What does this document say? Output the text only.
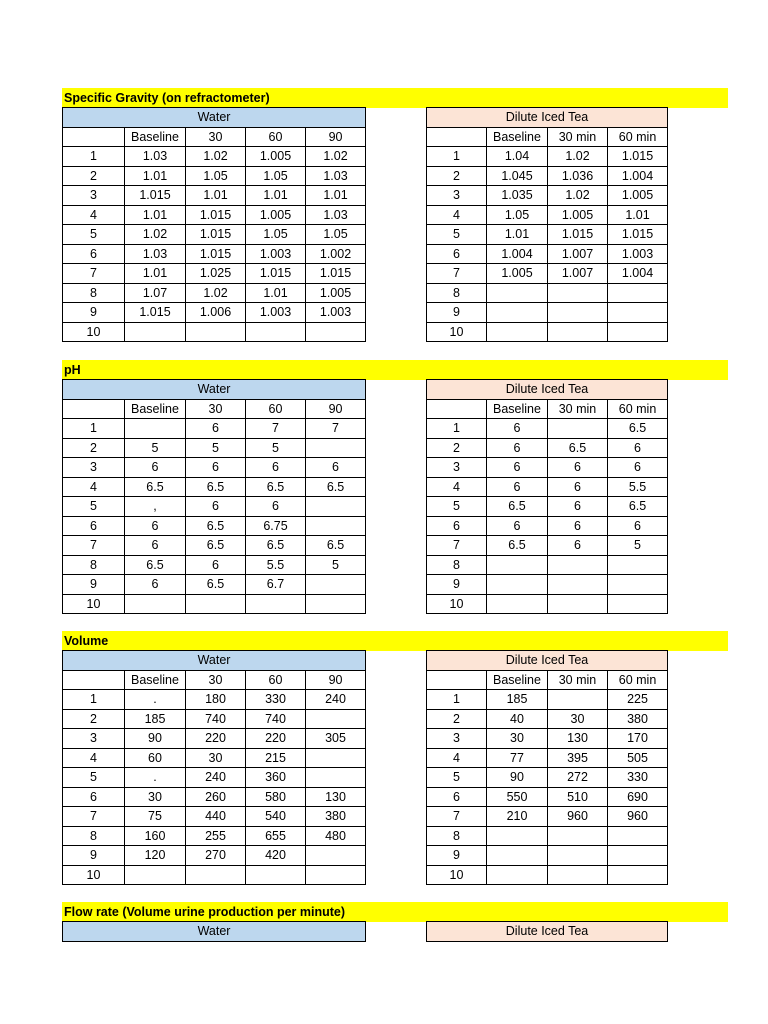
Specific Gravity (on refractometer)
Water				
	Baseline	30	60	90
1	1.03	1.02	1.005	1.02
2	1.01	1.05	1.05	1.03
3	1.015	1.01	1.01	1.01
4	1.01	1.015	1.005	1.03
5	1.02	1.015	1.05	1.05
6	1.03	1.015	1.003	1.002
7	1.01	1.025	1.015	1.015
8	1.07	1.02	1.01	1.005
9	1.015	1.006	1.003	1.003
10				
Dilute Iced Tea			
	Baseline	30 min	60 min
1	1.04	1.02	1.015
2	1.045	1.036	1.004
3	1.035	1.02	1.005
4	1.05	1.005	1.01
5	1.01	1.015	1.015
6	1.004	1.007	1.003
7	1.005	1.007	1.004
8			
9			
10			
pH
Water				
	Baseline	30	60	90
1		6	7	7
2	5	5	5	
3	6	6	6	6
4	6.5	6.5	6.5	6.5
5	,	6	6	
6	6	6.5	6.75	
7	6	6.5	6.5	6.5
8	6.5	6	5.5	5
9	6	6.5	6.7	
10				
Dilute Iced Tea			
	Baseline	30 min	60 min
1	6		6.5
2	6	6.5	6
3	6	6	6
4	6	6	5.5
5	6.5	6	6.5
6	6	6	6
7	6.5	6	5
8			
9			
10			
Volume
Water				
	Baseline	30	60	90
1	.	180	330	240
2	185	740	740	
3	90	220	220	305
4	60	30	215	
5	.	240	360	
6	30	260	580	130
7	75	440	540	380
8	160	255	655	480
9	120	270	420	
10				
Dilute Iced Tea			
	Baseline	30 min	60 min
1	185		225
2	40	30	380
3	30	130	170
4	77	395	505
5	90	272	330
6	550	510	690
7	210	960	960
8			
9			
10			
Flow rate (Volume urine production per minute)
Water	Dilute Iced Tea
